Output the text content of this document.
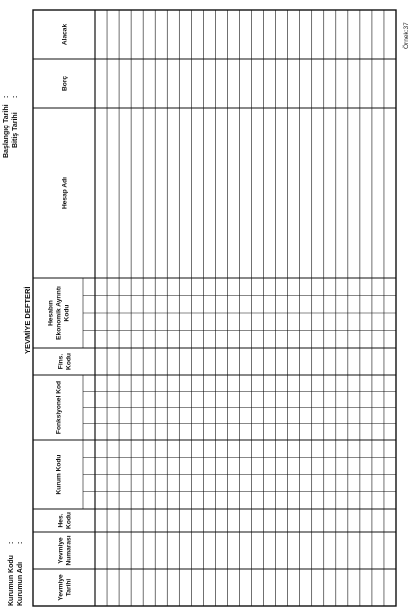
Kurumun Kodu
:
Kurumun Adı
:
YEVMİYE DEFTERİ
Başlangıç Tarihi
:
Bitiş Tarihi
:
Yevmiye Tarihi
Yevmiye Numarası
Hes. Kodu
Kurum Kodu
Fonksiyonel Kod
Fins. Kodu
Hesabın Ekonomik Ayrıntı Kodu
Hesap Adı
Borç
Alacak	Örnek:37
